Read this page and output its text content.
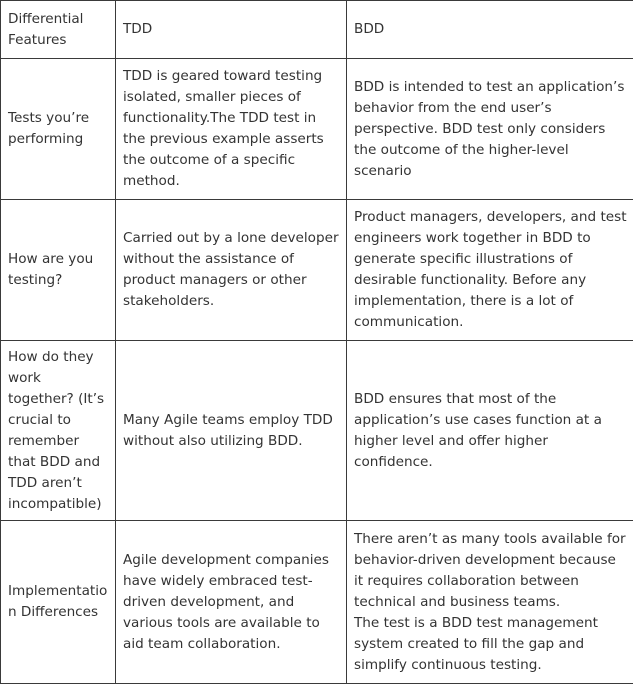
Differential Features	TDD	BDD

Tests you’re performing	TDD is geared toward testing isolated, smaller pieces of functionality.The TDD test in the previous example asserts the outcome of a specific method.	BDD is intended to test an application’s behavior from the end user’s perspective. BDD test only considers the outcome of the higher-level scenario

How are you testing?	Carried out by a lone developer without the assistance of product managers or other stakeholders.	Product managers, developers, and test engineers work together in BDD to generate specific illustrations of desirable functionality. Before any implementation, there is a lot of communication.

How do they work together? (It’s crucial to remember that BDD and TDD aren’t incompatible)	Many Agile teams employ TDD without also utilizing BDD.	BDD ensures that most of the application’s use cases function at a higher level and offer higher confidence.

Implementation Differences	Agile development companies have widely embraced test-driven development, and various tools are available to aid team collaboration.	There aren’t as many tools available for behavior-driven development because it requires collaboration between technical and business teams.
The test is a BDD test management system created to fill the gap and simplify continuous testing.
